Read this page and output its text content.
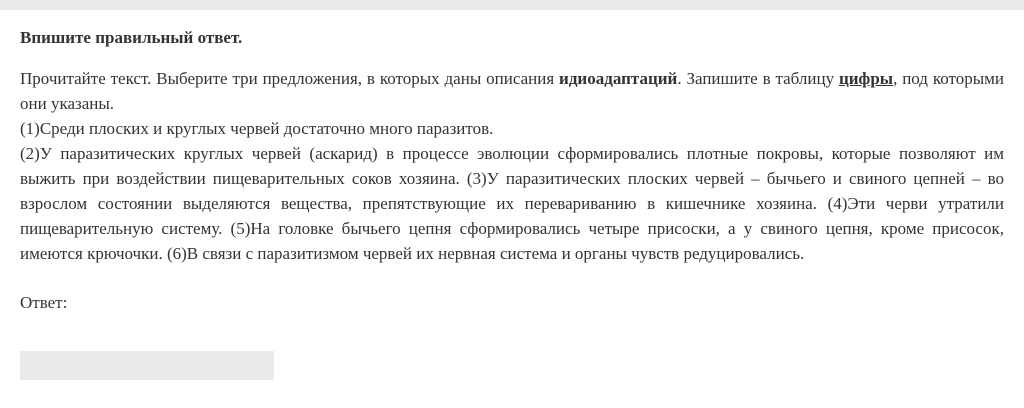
Впишите правильный ответ.

Прочитайте текст. Выберите три предложения, в которых даны описания идиоадаптаций. Запишите в таблицу цифры, под которыми они указаны.

(1)Среди плоских и круглых червей достаточно много паразитов.

(2)У паразитических круглых червей (аскарид) в процессе эволюции сформировались плотные покровы, которые позволяют им выжить при воздействии пищеварительных соков хозяина. (3)У паразитических плоских червей – бычьего и свиного цепней – во взрослом состоянии выделяются вещества, препятствующие их перевариванию в кишечнике хозяина. (4)Эти черви утратили пищеварительную систему. (5)На головке бычьего цепня сформировались четыре присоски, а у свиного цепня, кроме присосок, имеются крючочки. (6)В связи с паразитизмом червей их нервная система и органы чувств редуцировались.

Ответ:
